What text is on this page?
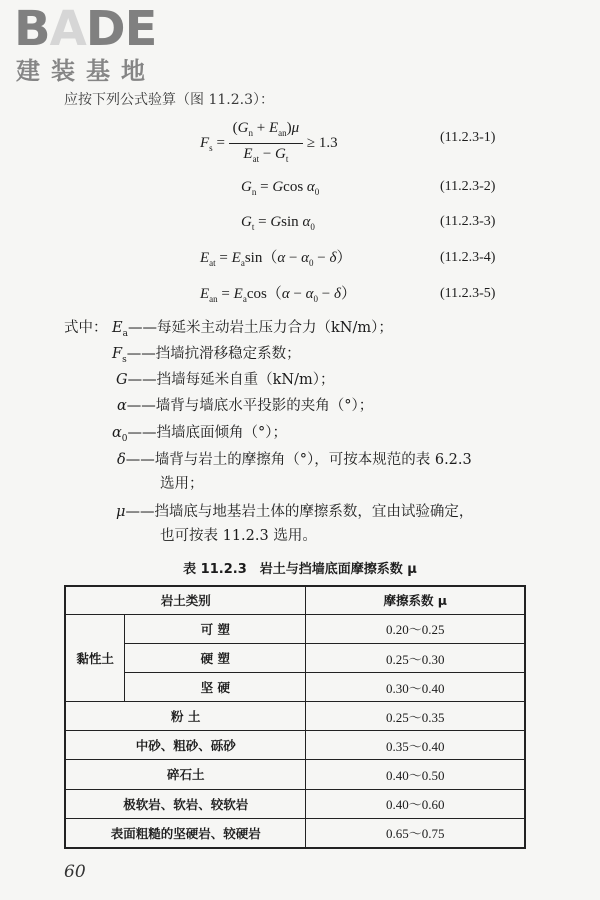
BADE
建装基地
应按下列公式验算（图 11.2.3）：
$F_s = \frac{(G_n + E_{an})\mu}{E_{at} - G_t} \ge 1.3$	(11.2.3-1)
$G_n = Gcos$ $\alpha_0$	(11.2.3-2)
$G_t = Gsin$ $\alpha_0$	(11.2.3-3)
$E_{at} = E_a\sin(\alpha - \alpha_0 - \delta)$	(11.2.3-4)
$E_{an} = E_a\cos(\alpha - \alpha_0 - \delta)$	(11.2.3-5)
式中： $E_a——$每延米主动岩土压力合力（kN/m）；
$F_s——$挡墙抗滑移稳定系数；
G——挡墙每延米自重（kN/m）；
α——墙背与墙底水平投影的夹角（°）；
$\alpha_0——$挡墙底面倾角（°）；
δ——墙背与岩土的摩擦角（°），可按本规范的表 6.2.3
选用；
μ——挡墙底与地基岩土体的摩擦系数，宜由试验确定，
也可按表 11.2.3 选用。
表 11.2.3　岩土与挡墙底面摩擦系数 μ
岩土类别		摩擦系数 μ
黏性土	可 塑	0.20～0.25
	硬 塑	0.25～0.30
	坚 硬	0.30～0.40
粉 土		0.25～0.35
中砂、粗砂、砾砂		0.35～0.40
碎石土		0.40～0.50
极软岩、软岩、较软岩		0.40～0.60
表面粗糙的坚硬岩、较硬岩		0.65～0.75
60
